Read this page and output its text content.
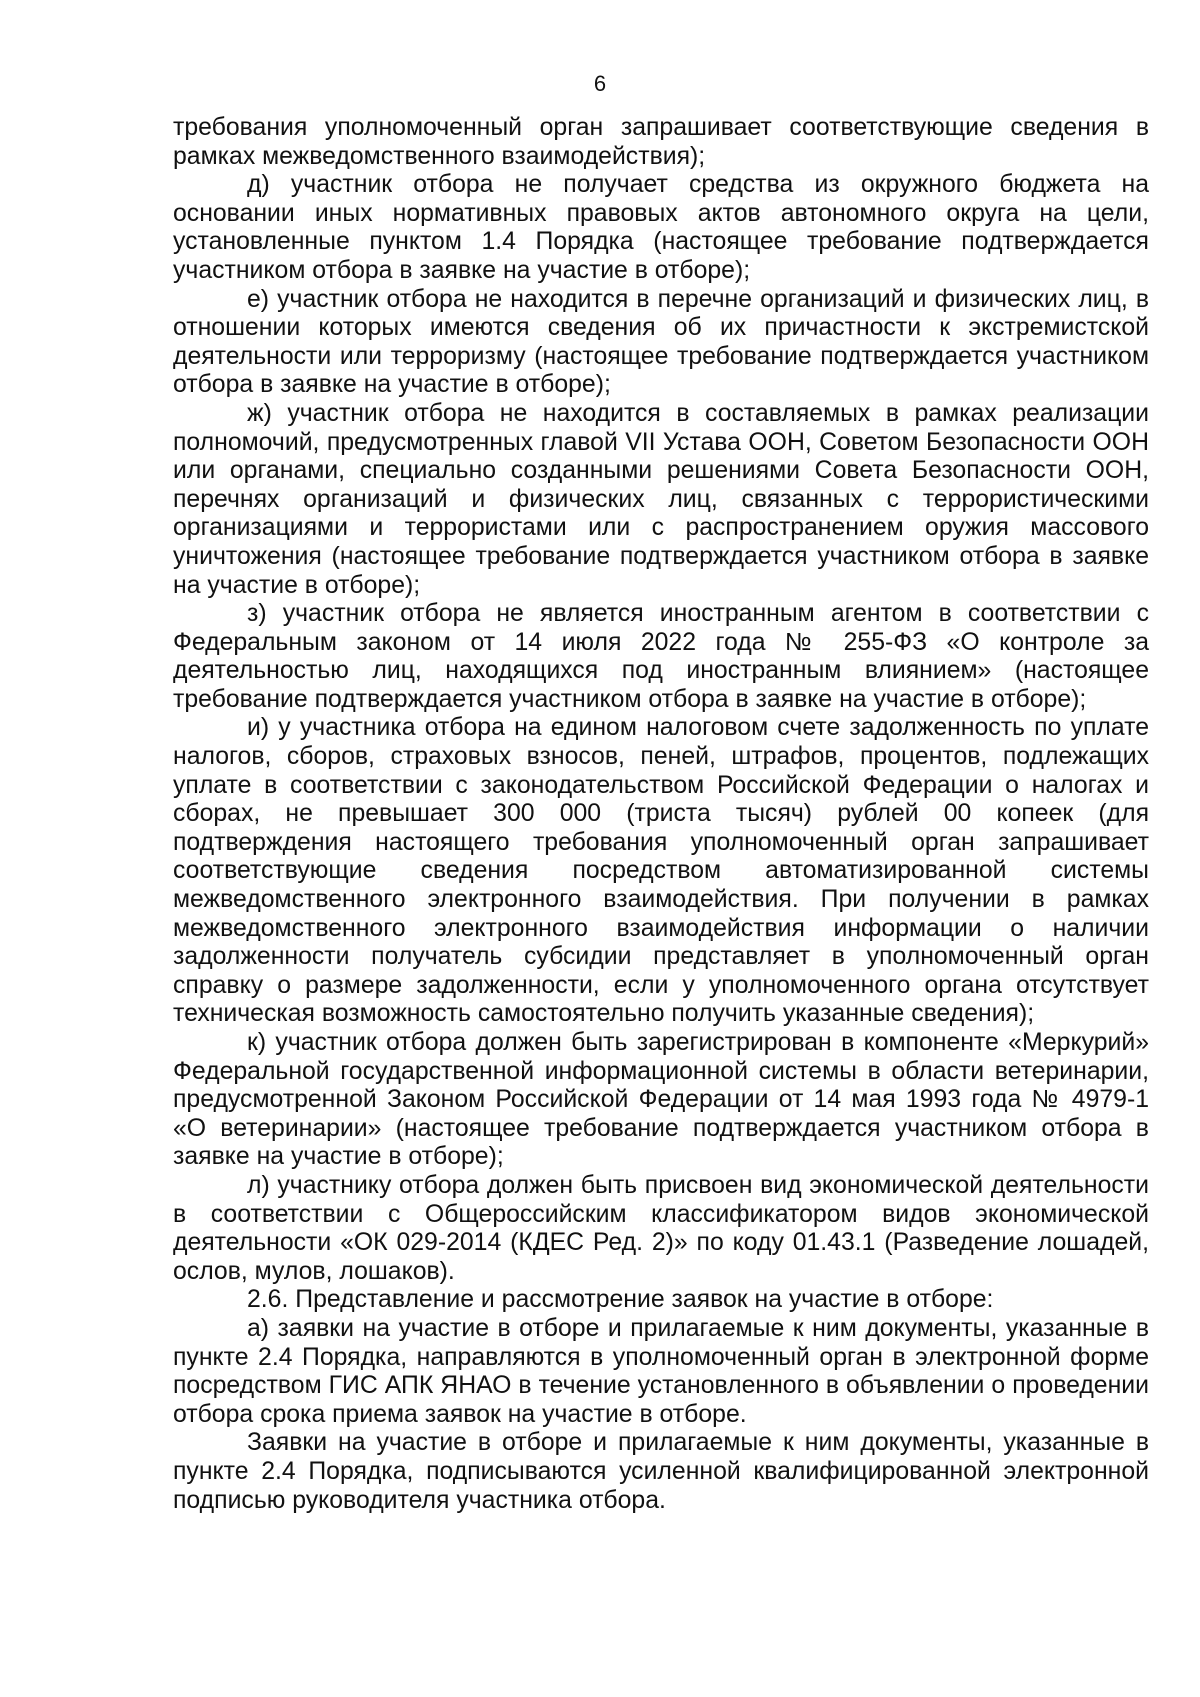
6

требования уполномоченный орган запрашивает соответствующие сведения в рамках межведомственного взаимодействия);

д) участник отбора не получает средства из окружного бюджета на основании иных нормативных правовых актов автономного округа на цели, установленные пунктом 1.4 Порядка (настоящее требование подтверждается участником отбора в заявке на участие в отборе);

е) участник отбора не находится в перечне организаций и физических лиц, в отношении которых имеются сведения об их причастности к экстремистской деятельности или терроризму (настоящее требование подтверждается участником отбора в заявке на участие в отборе);

ж) участник отбора не находится в составляемых в рамках реализации полномочий, предусмотренных главой VII Устава ООН, Советом Безопасности ООН или органами, специально созданными решениями Совета Безопасности ООН, перечнях организаций и физических лиц, связанных с террористическими организациями и террористами или с распространением оружия массового уничтожения (настоящее требование подтверждается участником отбора в заявке на участие в отборе);

з) участник отбора не является иностранным агентом в соответствии с Федеральным законом от 14 июля 2022 года № 255-ФЗ «О контроле за деятельностью лиц, находящихся под иностранным влиянием» (настоящее требование подтверждается участником отбора в заявке на участие в отборе);

и) у участника отбора на едином налоговом счете задолженность по уплате налогов, сборов, страховых взносов, пеней, штрафов, процентов, подлежащих уплате в соответствии с законодательством Российской Федерации о налогах и сборах, не превышает 300 000 (триста тысяч) рублей 00 копеек (для подтверждения настоящего требования уполномоченный орган запрашивает соответствующие сведения посредством автоматизированной системы межведомственного электронного взаимодействия. При получении в рамках межведомственного электронного взаимодействия информации о наличии задолженности получатель субсидии представляет в уполномоченный орган справку о размере задолженности, если у уполномоченного органа отсутствует техническая возможность самостоятельно получить указанные сведения);

к) участник отбора должен быть зарегистрирован в компоненте «Меркурий» Федеральной государственной информационной системы в области ветеринарии, предусмотренной Законом Российской Федерации от 14 мая 1993 года № 4979-1 «О ветеринарии» (настоящее требование подтверждается участником отбора в заявке на участие в отборе);

л) участнику отбора должен быть присвоен вид экономической деятельности в соответствии с Общероссийским классификатором видов экономической деятельности «ОК 029-2014 (КДЕС Ред. 2)» по коду 01.43.1 (Разведение лошадей, ослов, мулов, лошаков).

2.6. Представление и рассмотрение заявок на участие в отборе:

а) заявки на участие в отборе и прилагаемые к ним документы, указанные в пункте 2.4 Порядка, направляются в уполномоченный орган в электронной форме посредством ГИС АПК ЯНАО в течение установленного в объявлении о проведении отбора срока приема заявок на участие в отборе.

Заявки на участие в отборе и прилагаемые к ним документы, указанные в пункте 2.4 Порядка, подписываются усиленной квалифицированной электронной подписью руководителя участника отбора.
